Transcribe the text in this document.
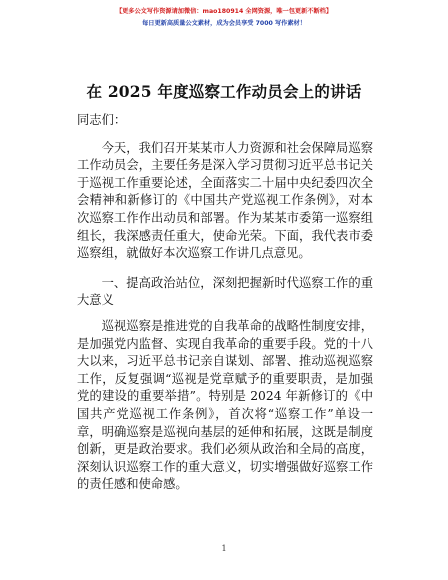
【更多公文写作资源请加微信：mao180914 全网资源，唯一包更新不断档】
每日更新高质量公文素材，成为会员享受 7000 写作素材！
在 2025 年度巡察工作动员会上的讲话

同志们：

今天，我们召开某某市人力资源和社会保障局巡察工作动员会，主要任务是深入学习贯彻习近平总书记关于巡视工作重要论述，全面落实二十届中央纪委四次全会精神和新修订的《中国共产党巡视工作条例》，对本次巡察工作作出动员和部署。作为某某市委第一巡察组组长，我深感责任重大，使命光荣。下面，我代表市委巡察组，就做好本次巡察工作讲几点意见。

一、提高政治站位，深刻把握新时代巡察工作的重大意义

巡视巡察是推进党的自我革命的战略性制度安排，是加强党内监督、实现自我革命的重要手段。党的十八大以来，习近平总书记亲自谋划、部署、推动巡视巡察工作，反复强调“巡视是党章赋予的重要职责，是加强党的建设的重要举措”。特别是 2024 年新修订的《中国共产党巡视工作条例》，首次将“巡察工作”单设一章，明确巡察是巡视向基层的延伸和拓展，这既是制度创新，更是政治要求。我们必须从政治和全局的高度，深刻认识巡察工作的重大意义，切实增强做好巡察工作的责任感和使命感。

1
